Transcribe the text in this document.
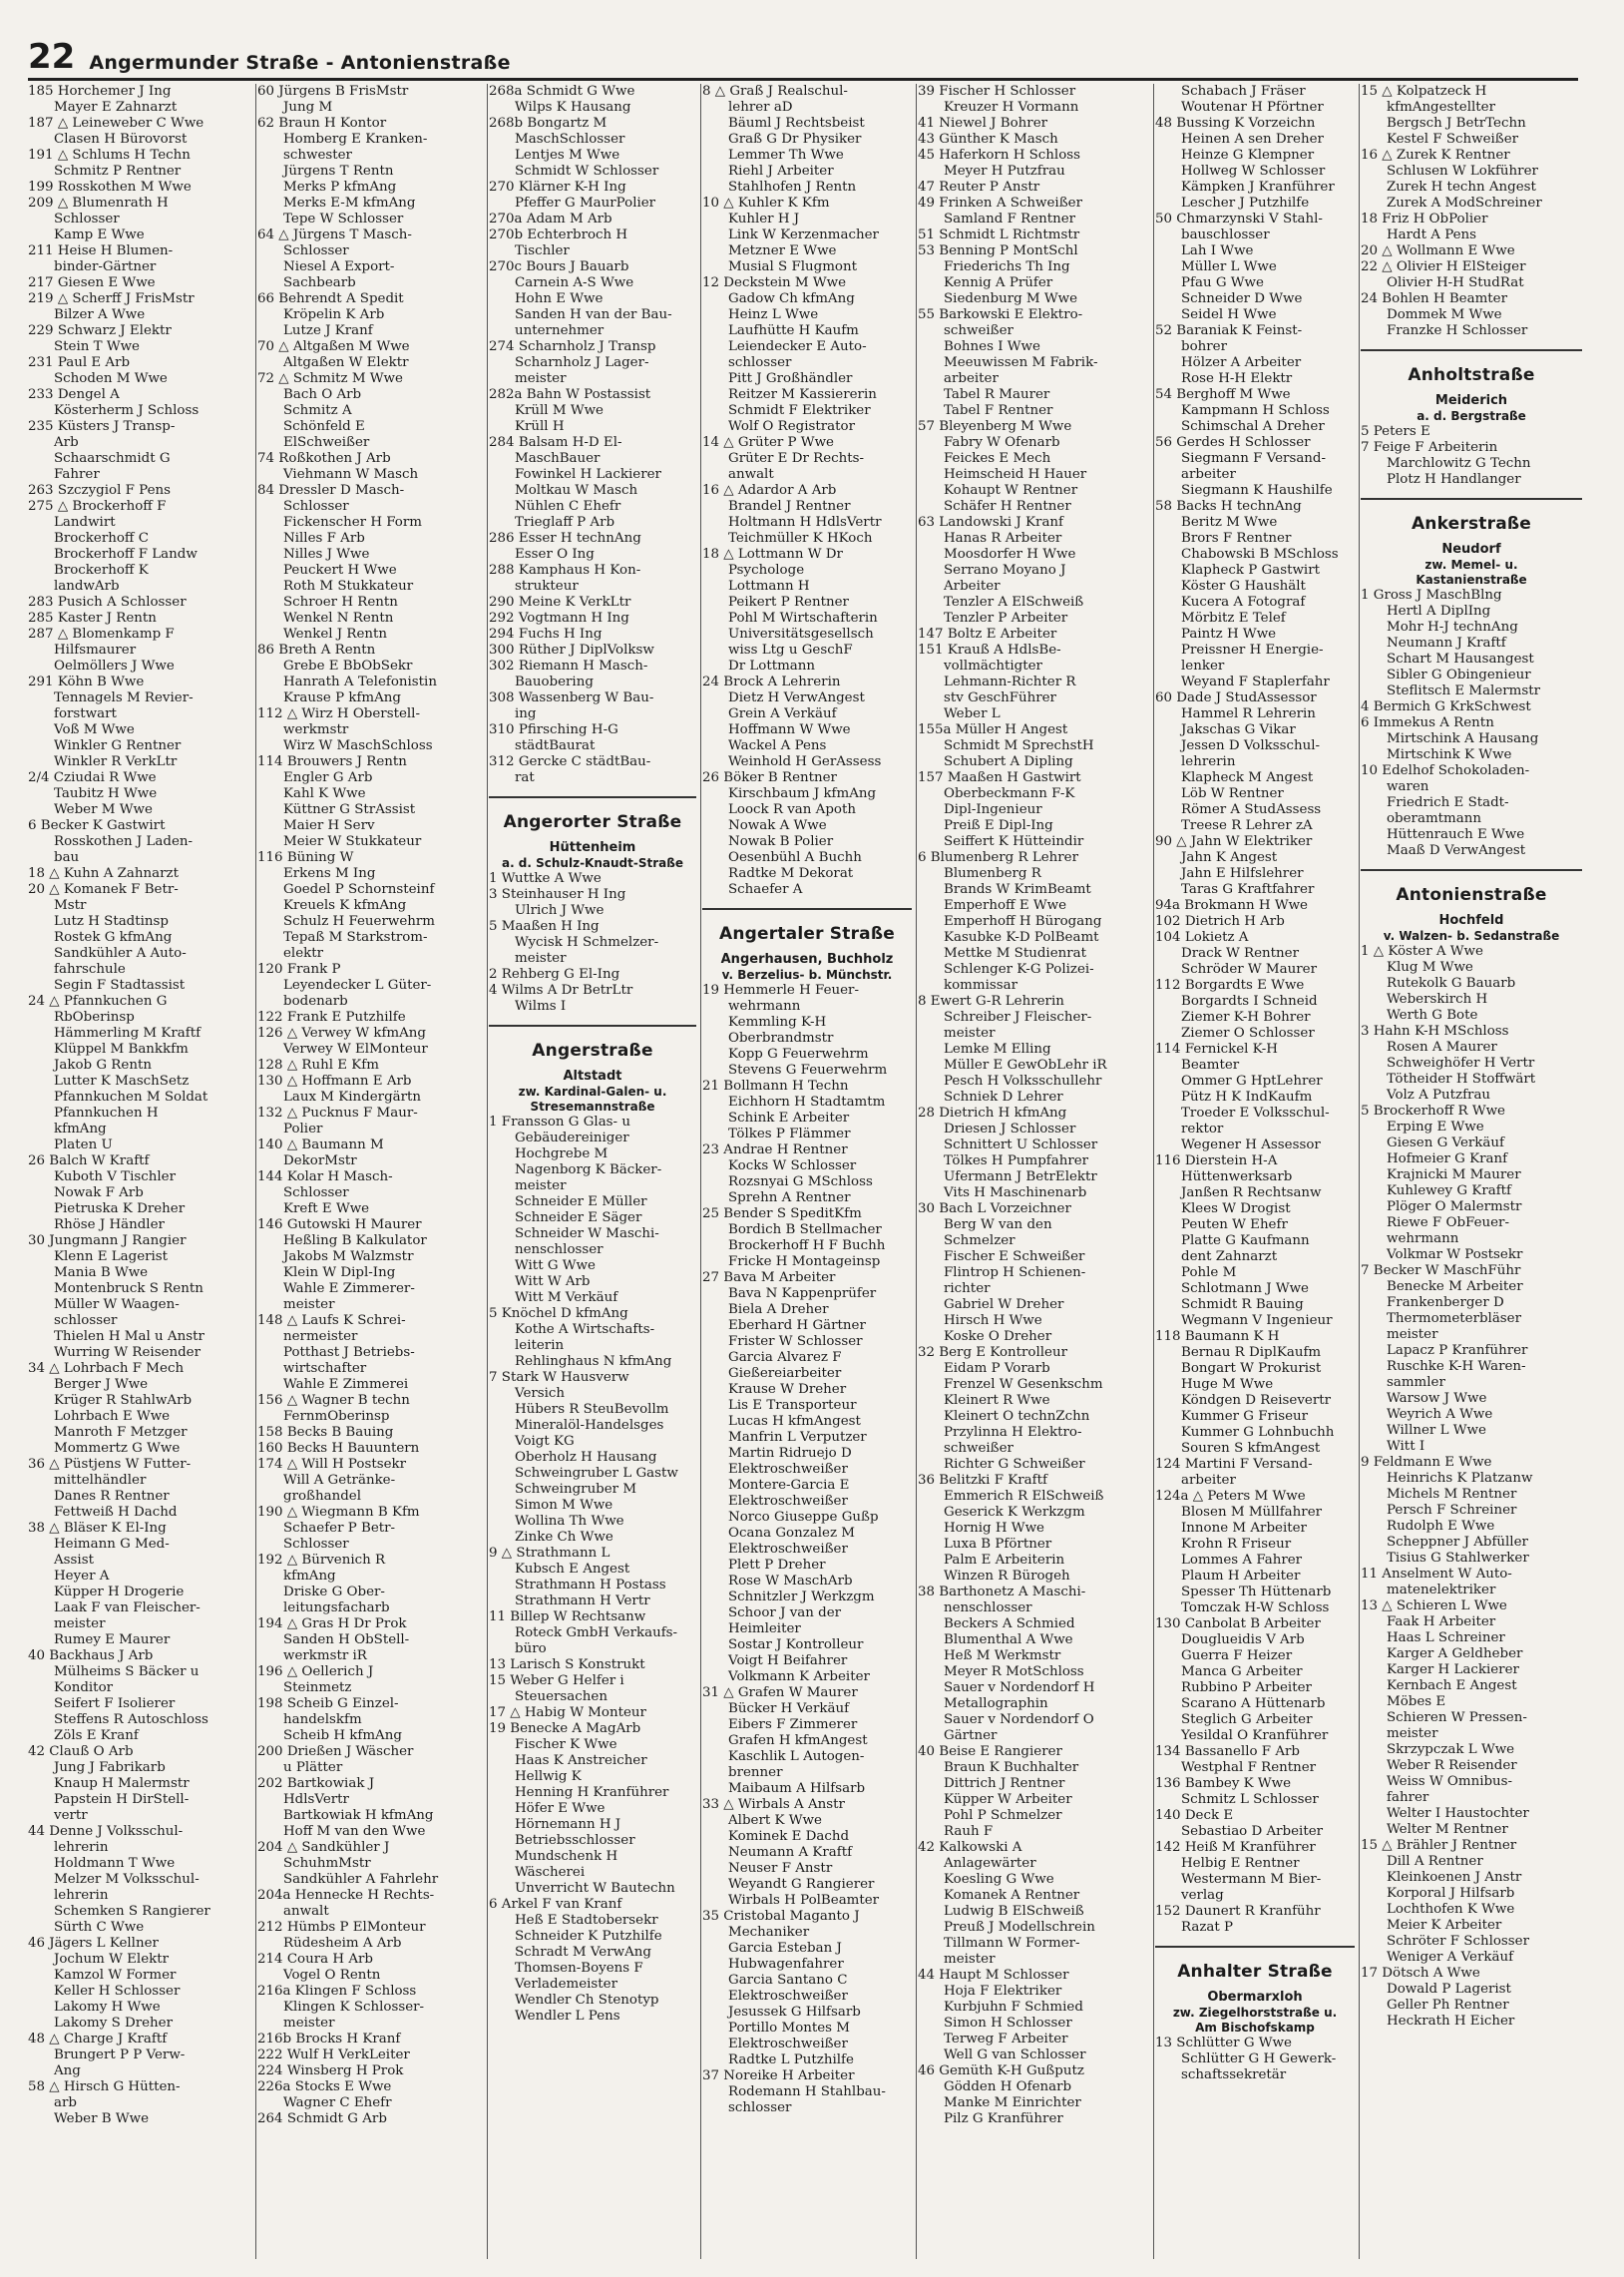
22 Angermunder Straße - Antonienstraße
185 Horchemer J Ing
Mayer E Zahnarzt
187 △ Leineweber C Wwe
Clasen H Bürovorst
191 △ Schlums H Techn
Schmitz P Rentner
199 Rosskothen M Wwe
209 △ Blumenrath H
Schlosser
Kamp E Wwe
211 Heise H Blumen-
binder-Gärtner
217 Giesen E Wwe
219 △ Scherff J FrisMstr
Bilzer A Wwe
229 Schwarz J Elektr
Stein T Wwe
231 Paul E Arb
Schoden M Wwe
233 Dengel A
Kösterherm J Schloss
235 Küsters J Transp-
Arb
Schaarschmidt G
Fahrer
263 Szczygiol F Pens
275 △ Brockerhoff F
Landwirt
Brockerhoff C
Brockerhoff F Landw
Brockerhoff K
landwArb
283 Pusich A Schlosser
285 Kaster J Rentn
287 △ Blomenkamp F
Hilfsmaurer
Oelmöllers J Wwe
291 Köhn B Wwe
Tennagels M Revier-
forstwart
Voß M Wwe
Winkler G Rentner
Winkler R VerkLtr
2/4 Cziudai R Wwe
Taubitz H Wwe
Weber M Wwe
6 Becker K Gastwirt
Rosskothen J Laden-
bau
18 △ Kuhn A Zahnarzt
20 △ Komanek F Betr-
Mstr
Lutz H Stadtinsp
Rostek G kfmAng
Sandkühler A Auto-
fahrschule
Segin F Stadtassist
24 △ Pfannkuchen G
RbOberinsp
Hämmerling M Kraftf
Klüppel M Bankkfm
Jakob G Rentn
Lutter K MaschSetz
Pfannkuchen M Soldat
Pfannkuchen H
kfmAng
Platen U
26 Balch W Kraftf
Kuboth V Tischler
Nowak F Arb
Pietruska K Dreher
Rhöse J Händler
30 Jungmann J Rangier
Klenn E Lagerist
Mania B Wwe
Montenbruck S Rentn
Müller W Waagen-
schlosser
Thielen H Mal u Anstr
Wurring W Reisender
34 △ Lohrbach F Mech
Berger J Wwe
Krüger R StahlwArb
Lohrbach E Wwe
Manroth F Metzger
Mommertz G Wwe
36 △ Püstjens W Futter-
mittelhändler
Danes R Rentner
Fettweiß H Dachd
38 △ Bläser K El-Ing
Heimann G Med-
Assist
Heyer A
Küpper H Drogerie
Laak F van Fleischer-
meister
Rumey E Maurer
40 Backhaus J Arb
Mülheims S Bäcker u
Konditor
Seifert F Isolierer
Steffens R Autoschloss
Zöls E Kranf
42 Clauß O Arb
Jung J Fabrikarb
Knaup H Malermstr
Papstein H DirStell-
vertr
44 Denne J Volksschul-
lehrerin
Holdmann T Wwe
Melzer M Volksschul-
lehrerin
Schemken S Rangierer
Sürth C Wwe
46 Jägers L Kellner
Jochum W Elektr
Kamzol W Former
Keller H Schlosser
Lakomy H Wwe
Lakomy S Dreher
48 △ Charge J Kraftf
Brungert P P Verw-
Ang
58 △ Hirsch G Hütten-
arb
Weber B Wwe
60 Jürgens B FrisMstr
Jung M
62 Braun H Kontor
Homberg E Kranken-
schwester
Jürgens T Rentn
Merks P kfmAng
Merks E-M kfmAng
Tepe W Schlosser
64 △ Jürgens T Masch-
Schlosser
Niesel A Export-
Sachbearb
66 Behrendt A Spedit
Kröpelin K Arb
Lutze J Kranf
70 △ Altgaßen M Wwe
Altgaßen W Elektr
72 △ Schmitz M Wwe
Bach O Arb
Schmitz A
Schönfeld E
ElSchweißer
74 Roßkothen J Arb
Viehmann W Masch
84 Dressler D Masch-
Schlosser
Fickenscher H Form
Nilles F Arb
Nilles J Wwe
Peuckert H Wwe
Roth M Stukkateur
Schroer H Rentn
Wenkel N Rentn
Wenkel J Rentn
86 Breth A Rentn
Grebe E BbObSekr
Hanrath A Telefonistin
Krause P kfmAng
112 △ Wirz H Oberstell-
werkmstr
Wirz W MaschSchloss
114 Brouwers J Rentn
Engler G Arb
Kahl K Wwe
Küttner G StrAssist
Maier H Serv
Meier W Stukkateur
116 Büning W
Erkens M Ing
Goedel P Schornsteinf
Kreuels K kfmAng
Schulz H Feuerwehrm
Tepaß M Starkstrom-
elektr
120 Frank P
Leyendecker L Güter-
bodenarb
122 Frank E Putzhilfe
126 △ Verwey W kfmAng
Verwey W ElMonteur
128 △ Ruhl E Kfm
130 △ Hoffmann E Arb
Laux M Kindergärtn
132 △ Pucknus F Maur-
Polier
140 △ Baumann M
DekorMstr
144 Kolar H Masch-
Schlosser
Kreft E Wwe
146 Gutowski H Maurer
Heßling B Kalkulator
Jakobs M Walzmstr
Klein W Dipl-Ing
Wahle E Zimmerer-
meister
148 △ Laufs K Schrei-
nermeister
Potthast J Betriebs-
wirtschafter
Wahle E Zimmerei
156 △ Wagner B techn
FernmOberinsp
158 Becks B Bauing
160 Becks H Bauuntern
174 △ Will H Postsekr
Will A Getränke-
großhandel
190 △ Wiegmann B Kfm
Schaefer P Betr-
Schlosser
192 △ Bürvenich R
kfmAng
Driske G Ober-
leitungsfacharb
194 △ Gras H Dr Prok
Sanden H ObStell-
werkmstr iR
196 △ Oellerich J
Steinmetz
198 Scheib G Einzel-
handelskfm
Scheib H kfmAng
200 Drießen J Wäscher
u Plätter
202 Bartkowiak J
HdlsVertr
Bartkowiak H kfmAng
Hoff M van den Wwe
204 △ Sandkühler J
SchuhmMstr
Sandkühler A Fahrlehr
204a Hennecke H Rechts-
anwalt
212 Hümbs P ElMonteur
Rüdesheim A Arb
214 Coura H Arb
Vogel O Rentn
216a Klingen F Schloss
Klingen K Schlosser-
meister
216b Brocks H Kranf
222 Wulf H VerkLeiter
224 Winsberg H Prok
226a Stocks E Wwe
Wagner C Ehefr
264 Schmidt G Arb
268a Schmidt G Wwe
Wilps K Hausang
268b Bongartz M
MaschSchlosser
Lentjes M Wwe
Schmidt W Schlosser
270 Klärner K-H Ing
Pfeffer G MaurPolier
270a Adam M Arb
270b Echterbroch H
Tischler
270c Bours J Bauarb
Carnein A-S Wwe
Hohn E Wwe
Sanden H van der Bau-
unternehmer
274 Scharnholz J Transp
Scharnholz J Lager-
meister
282a Bahn W Postassist
Krüll M Wwe
Krüll H
284 Balsam H-D El-
MaschBauer
Fowinkel H Lackierer
Moltkau W Masch
Nühlen C Ehefr
Trieglaff P Arb
286 Esser H technAng
Esser O Ing
288 Kamphaus H Kon-
strukteur
290 Meine K VerkLtr
292 Vogtmann H Ing
294 Fuchs H Ing
300 Rüther J DiplVolksw
302 Riemann H Masch-
Bauobering
308 Wassenberg W Bau-
ing
310 Pfirsching H-G
städtBaurat
312 Gercke C städtBau-
rat
Angerorter Straße
Hüttenheim
a. d. Schulz-Knaudt-Straße
1 Wuttke A Wwe
3 Steinhauser H Ing
Ulrich J Wwe
5 Maaßen H Ing
Wycisk H Schmelzer-
meister
2 Rehberg G El-Ing
4 Wilms A Dr BetrLtr
Wilms I
Angerstraße
Altstadt
zw. Kardinal-Galen- u.
Stresemannstraße
1 Fransson G Glas- u
Gebäudereiniger
Hochgrebe M
Nagenborg K Bäcker-
meister
Schneider E Müller
Schneider E Säger
Schneider W Maschi-
nenschlosser
Witt G Wwe
Witt W Arb
Witt M Verkäuf
5 Knöchel D kfmAng
Kothe A Wirtschafts-
leiterin
Rehlinghaus N kfmAng
7 Stark W Hausverw
Versich
Hübers R SteuBevollm
Mineralöl-Handelsges
Voigt KG
Oberholz H Hausang
Schweingruber L Gastw
Schweingruber M
Simon M Wwe
Wollina Th Wwe
Zinke Ch Wwe
9 △ Strathmann L
Kubsch E Angest
Strathmann H Postass
Strathmann H Vertr
11 Billep W Rechtsanw
Roteck GmbH Verkaufs-
büro
13 Larisch S Konstrukt
15 Weber G Helfer i
Steuersachen
17 △ Habig W Monteur
19 Benecke A MagArb
Fischer K Wwe
Haas K Anstreicher
Hellwig K
Henning H Kranführer
Höfer E Wwe
Hörnemann H J
Betriebsschlosser
Mundschenk H
Wäscherei
Unverricht W Bautechn
6 Arkel F van Kranf
Heß E Stadtobersekr
Schneider K Putzhilfe
Schradt M VerwAng
Thomsen-Boyens F
Verlademeister
Wendler Ch Stenotyp
Wendler L Pens
8 △ Graß J Realschul-
lehrer aD
Bäuml J Rechtsbeist
Graß G Dr Physiker
Lemmer Th Wwe
Riehl J Arbeiter
Stahlhofen J Rentn
10 △ Kuhler K Kfm
Kuhler H J
Link W Kerzenmacher
Metzner E Wwe
Musial S Flugmont
12 Deckstein M Wwe
Gadow Ch kfmAng
Heinz L Wwe
Laufhütte H Kaufm
Leiendecker E Auto-
schlosser
Pitt J Großhändler
Reitzer M Kassiererin
Schmidt F Elektriker
Wolf O Registrator
14 △ Grüter P Wwe
Grüter E Dr Rechts-
anwalt
16 △ Adardor A Arb
Brandel J Rentner
Holtmann H HdlsVertr
Teichmüller K HKoch
18 △ Lottmann W Dr
Psychologe
Lottmann H
Peikert P Rentner
Pohl M Wirtschafterin
Universitätsgesellsch
wiss Ltg u GeschF
Dr Lottmann
24 Brock A Lehrerin
Dietz H VerwAngest
Grein A Verkäuf
Hoffmann W Wwe
Wackel A Pens
Weinhold H GerAssess
26 Böker B Rentner
Kirschbaum J kfmAng
Loock R van Apoth
Nowak A Wwe
Nowak B Polier
Oesenbühl A Buchh
Radtke M Dekorat
Schaefer A
Angertaler Straße
Angerhausen, Buchholz
v. Berzelius- b. Münchstr.
19 Hemmerle H Feuer-
wehrmann
Kemmling K-H
Oberbrandmstr
Kopp G Feuerwehrm
Stevens G Feuerwehrm
21 Bollmann H Techn
Eichhorn H Stadtamtm
Schink E Arbeiter
Tölkes P Flämmer
23 Andrae H Rentner
Kocks W Schlosser
Rozsnyai G MSchloss
Sprehn A Rentner
25 Bender S SpeditKfm
Bordich B Stellmacher
Brockerhoff H F Buchh
Fricke H Montageinsp
27 Bava M Arbeiter
Bava N Kappenprüfer
Biela A Dreher
Eberhard H Gärtner
Frister W Schlosser
Garcia Alvarez F
Gießereiarbeiter
Krause W Dreher
Lis E Transporteur
Lucas H kfmAngest
Manfrin L Verputzer
Martin Ridruejo D
Elektroschweißer
Montere-Garcia E
Elektroschweißer
Norco Giuseppe Gußp
Ocana Gonzalez M
Elektroschweißer
Plett P Dreher
Rose W MaschArb
Schnitzler J Werkzgm
Schoor J van der
Heimleiter
Sostar J Kontrolleur
Voigt H Beifahrer
Volkmann K Arbeiter
31 △ Grafen W Maurer
Bücker H Verkäuf
Eibers F Zimmerer
Grafen H kfmAngest
Kaschlik L Autogen-
brenner
Maibaum A Hilfsarb
33 △ Wirbals A Anstr
Albert K Wwe
Kominek E Dachd
Neumann A Kraftf
Neuser F Anstr
Weyandt G Rangierer
Wirbals H PolBeamter
35 Cristobal Maganto J
Mechaniker
Garcia Esteban J
Hubwagenfahrer
Garcia Santano C
Elektroschweißer
Jesussek G Hilfsarb
Portillo Montes M
Elektroschweißer
Radtke L Putzhilfe
37 Noreike H Arbeiter
Rodemann H Stahlbau-
schlosser
39 Fischer H Schlosser
Kreuzer H Vormann
41 Niewel J Bohrer
43 Günther K Masch
45 Haferkorn H Schloss
Meyer H Putzfrau
47 Reuter P Anstr
49 Frinken A Schweißer
Samland F Rentner
51 Schmidt L Richtmstr
53 Benning P MontSchl
Friederichs Th Ing
Kennig A Prüfer
Siedenburg M Wwe
55 Barkowski E Elektro-
schweißer
Bohnes I Wwe
Meeuwissen M Fabrik-
arbeiter
Tabel R Maurer
Tabel F Rentner
57 Bleyenberg M Wwe
Fabry W Ofenarb
Feickes E Mech
Heimscheid H Hauer
Kohaupt W Rentner
Schäfer H Rentner
63 Landowski J Kranf
Hanas R Arbeiter
Moosdorfer H Wwe
Serrano Moyano J
Arbeiter
Tenzler A ElSchweiß
Tenzler P Arbeiter
147 Boltz E Arbeiter
151 Krauß A HdlsBe-
vollmächtigter
Lehmann-Richter R
stv GeschFührer
Weber L
155a Müller H Angest
Schmidt M SprechstH
Schubert A Dipling
157 Maaßen H Gastwirt
Oberbeckmann F-K
Dipl-Ingenieur
Preiß E Dipl-Ing
Seiffert K Hütteindir
6 Blumenberg R Lehrer
Blumenberg R
Brands W KrimBeamt
Emperhoff E Wwe
Emperhoff H Bürogang
Kasubke K-D PolBeamt
Mettke M Studienrat
Schlenger K-G Polizei-
kommissar
8 Ewert G-R Lehrerin
Schreiber J Fleischer-
meister
Lemke M Elling
Müller E GewObLehr iR
Pesch H Volksschullehr
Schniek D Lehrer
28 Dietrich H kfmAng
Driesen J Schlosser
Schnittert U Schlosser
Tölkes H Pumpfahrer
Ufermann J BetrElektr
Vits H Maschinenarb
30 Bach L Vorzeichner
Berg W van den
Schmelzer
Fischer E Schweißer
Flintrop H Schienen-
richter
Gabriel W Dreher
Hirsch H Wwe
Koske O Dreher
32 Berg E Kontrolleur
Eidam P Vorarb
Frenzel W Gesenkschm
Kleinert R Wwe
Kleinert O technZchn
Przylinna H Elektro-
schweißer
Richter G Schweißer
36 Belitzki F Kraftf
Emmerich R ElSchweiß
Geserick K Werkzgm
Hornig H Wwe
Luxa B Pförtner
Palm E Arbeiterin
Winzen R Bürogeh
38 Barthonetz A Maschi-
nenschlosser
Beckers A Schmied
Blumenthal A Wwe
Heß M Werkmstr
Meyer R MotSchloss
Sauer v Nordendorf H
Metallographin
Sauer v Nordendorf O
Gärtner
40 Beise E Rangierer
Braun K Buchhalter
Dittrich J Rentner
Küpper W Arbeiter
Pohl P Schmelzer
Rauh F
42 Kalkowski A
Anlagewärter
Koesling G Wwe
Komanek A Rentner
Ludwig B ElSchweiß
Preuß J Modellschrein
Tillmann W Former-
meister
44 Haupt M Schlosser
Hoja F Elektriker
Kurbjuhn F Schmied
Simon H Schlosser
Terweg F Arbeiter
Well G van Schlosser
46 Gemüth K-H Gußputz
Gödden H Ofenarb
Manke M Einrichter
Pilz G Kranführer
Schabach J Fräser
Woutenar H Pförtner
48 Bussing K Vorzeichn
Heinen A sen Dreher
Heinze G Klempner
Hollweg W Schlosser
Kämpken J Kranführer
Lescher J Putzhilfe
50 Chmarzynski V Stahl-
bauschlosser
Lah I Wwe
Müller L Wwe
Pfau G Wwe
Schneider D Wwe
Seidel H Wwe
52 Baraniak K Feinst-
bohrer
Hölzer A Arbeiter
Rose H-H Elektr
54 Berghoff M Wwe
Kampmann H Schloss
Schimschal A Dreher
56 Gerdes H Schlosser
Siegmann F Versand-
arbeiter
Siegmann K Haushilfe
58 Backs H technAng
Beritz M Wwe
Brors F Rentner
Chabowski B MSchloss
Klapheck P Gastwirt
Köster G Haushält
Kucera A Fotograf
Mörbitz E Telef
Paintz H Wwe
Preissner H Energie-
lenker
Weyand F Staplerfahr
60 Dade J StudAssessor
Hammel R Lehrerin
Jakschas G Vikar
Jessen D Volksschul-
lehrerin
Klapheck M Angest
Löb W Rentner
Römer A StudAssess
Treese R Lehrer zA
90 △ Jahn W Elektriker
Jahn K Angest
Jahn E Hilfslehrer
Taras G Kraftfahrer
94a Brokmann H Wwe
102 Dietrich H Arb
104 Lokietz A
Drack W Rentner
Schröder W Maurer
112 Borgardts E Wwe
Borgardts I Schneid
Ziemer K-H Bohrer
Ziemer O Schlosser
114 Fernickel K-H
Beamter
Ommer G HptLehrer
Pütz H K IndKaufm
Troeder E Volksschul-
rektor
Wegener H Assessor
116 Dierstein H-A
Hüttenwerksarb
Janßen R Rechtsanw
Klees W Drogist
Peuten W Ehefr
Platte G Kaufmann
dent Zahnarzt
Pohle M
Schlotmann J Wwe
Schmidt R Bauing
Wegmann V Ingenieur
118 Baumann K H
Bernau R DiplKaufm
Bongart W Prokurist
Huge M Wwe
Köndgen D Reisevertr
Kummer G Friseur
Kummer G Lohnbuchh
Souren S kfmAngest
124 Martini F Versand-
arbeiter
124a △ Peters M Wwe
Blosen M Müllfahrer
Innone M Arbeiter
Krohn R Friseur
Lommes A Fahrer
Plaum H Arbeiter
Spesser Th Hüttenarb
Tomczak H-W Schloss
130 Canbolat B Arbeiter
Douglueidis V Arb
Guerra F Heizer
Manca G Arbeiter
Rubbino P Arbeiter
Scarano A Hüttenarb
Steglich G Arbeiter
Yesildal O Kranführer
134 Bassanello F Arb
Westphal F Rentner
136 Bambey K Wwe
Schmitz L Schlosser
140 Deck E
Sebastiao D Arbeiter
142 Heiß M Kranführer
Helbig E Rentner
Westermann M Bier-
verlag
152 Daunert R Kranführ
Razat P
Anhalter Straße
Obermarxloh
zw. Ziegelhorststraße u.
Am Bischofskamp
13 Schlütter G Wwe
Schlütter G H Gewerk-
schaftssekretär
15 △ Kolpatzeck H
kfmAngestellter
Bergsch J BetrTechn
Kestel F Schweißer
16 △ Zurek K Rentner
Schlusen W Lokführer
Zurek H techn Angest
Zurek A ModSchreiner
18 Friz H ObPolier
Hardt A Pens
20 △ Wollmann E Wwe
22 △ Olivier H ElSteiger
Olivier H-H StudRat
24 Bohlen H Beamter
Dommek M Wwe
Franzke H Schlosser
Anholtstraße
Meiderich
a. d. Bergstraße
5 Peters E
7 Feige F Arbeiterin
Marchlowitz G Techn
Plotz H Handlanger
Ankerstraße
Neudorf
zw. Memel- u.
Kastanienstraße
1 Gross J MaschBlng
Hertl A DiplIng
Mohr H-J technAng
Neumann J Kraftf
Schart M Hausangest
Sibler G Obingenieur
Steflitsch E Malermstr
4 Bermich G KrkSchwest
6 Immekus A Rentn
Mirtschink A Hausang
Mirtschink K Wwe
10 Edelhof Schokoladen-
waren
Friedrich E Stadt-
oberamtmann
Hüttenrauch E Wwe
Maaß D VerwAngest
Antonienstraße
Hochfeld
v. Walzen- b. Sedanstraße
1 △ Köster A Wwe
Klug M Wwe
Rutekolk G Bauarb
Weberskirch H
Werth G Bote
3 Hahn K-H MSchloss
Rosen A Maurer
Schweighöfer H Vertr
Tötheider H Stoffwärt
Volz A Putzfrau
5 Brockerhoff R Wwe
Erping E Wwe
Giesen G Verkäuf
Hofmeier G Kranf
Krajnicki M Maurer
Kuhlewey G Kraftf
Plöger O Malermstr
Riewe F ObFeuer-
wehrmann
Volkmar W Postsekr
7 Becker W MaschFühr
Benecke M Arbeiter
Frankenberger D
Thermometerbläser
meister
Lapacz P Kranführer
Ruschke K-H Waren-
sammler
Warsow J Wwe
Weyrich A Wwe
Willner L Wwe
Witt I
9 Feldmann E Wwe
Heinrichs K Platzanw
Michels M Rentner
Persch F Schreiner
Rudolph E Wwe
Scheppner J Abfüller
Tisius G Stahlwerker
11 Anselment W Auto-
matenelektriker
13 △ Schieren L Wwe
Faak H Arbeiter
Haas L Schreiner
Karger A Geldheber
Karger H Lackierer
Kernbach E Angest
Möbes E
Schieren W Pressen-
meister
Skrzypczak L Wwe
Weber R Reisender
Weiss W Omnibus-
fahrer
Welter I Haustochter
Welter M Rentner
15 △ Brähler J Rentner
Dill A Rentner
Kleinkoenen J Anstr
Korporal J Hilfsarb
Lochthofen K Wwe
Meier K Arbeiter
Schröter F Schlosser
Weniger A Verkäuf
17 Dötsch A Wwe
Dowald P Lagerist
Geller Ph Rentner
Heckrath H Eicher
